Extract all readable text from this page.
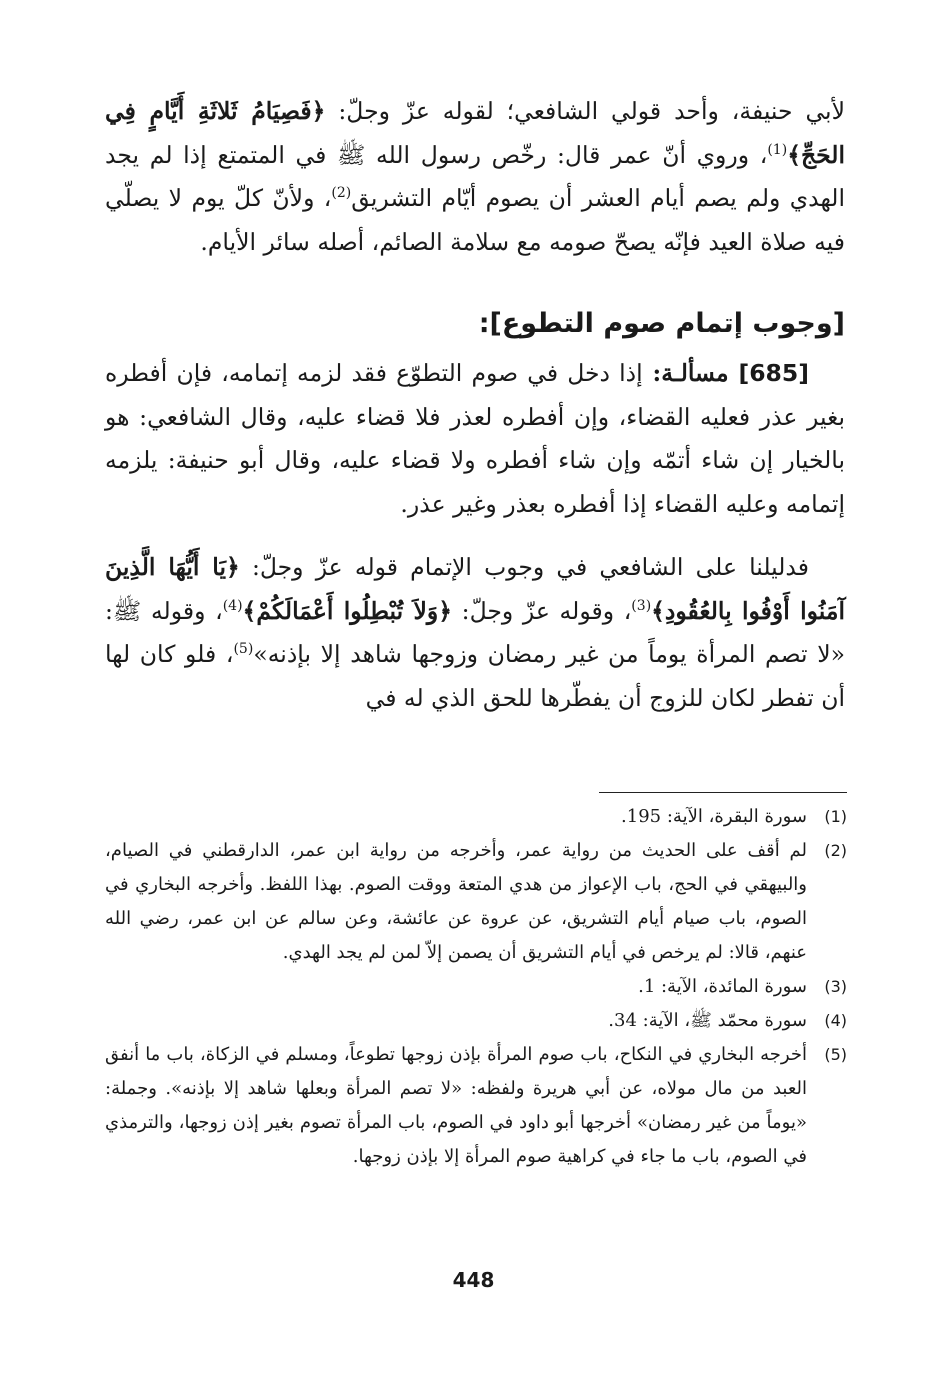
لأبي حنيفة، وأحد قولي الشافعي؛ لقوله عزّ وجلّ: ﴿فَصِيَامُ ثَلاثَةِ أَيَّامٍ فِي الحَجِّ﴾$^{(1)}$، وروي أنّ عمر قال: رخّص رسول الله ﷺ في المتمتع إذا لم يجد الهدي ولم يصم أيام العشر أن يصوم أيّام التشريق$^{(2)}$، ولأنّ كلّ يوم لا يصلّي فيه صلاة العيد فإنّه يصحّ صومه مع سلامة الصائم، أصله سائر الأيام.

[وجوب إتمام صوم التطوع]:

[685] مسألـة: إذا دخل في صوم التطوّع فقد لزمه إتمامه، فإن أفطره بغير عذر فعليه القضاء، وإن أفطره لعذر فلا قضاء عليه، وقال الشافعي: هو بالخيار إن شاء أتمّه وإن شاء أفطره ولا قضاء عليه، وقال أبو حنيفة: يلزمه إتمامه وعليه القضاء إذا أفطره بعذر وغير عذر.

فدليلنا على الشافعي في وجوب الإتمام قوله عزّ وجلّ: ﴿يَا أَيُّهَا الَّذِينَ آمَنُوا أَوْفُوا بِالعُقُودِ﴾$^{(3)}$، وقوله عزّ وجلّ: ﴿وَلاَ تُبْطِلُوا أَعْمَالَكُمْ﴾$^{(4)}$، وقوله ﷺ: «لا تصم المرأة يوماً من غير رمضان وزوجها شاهد إلا بإذنه»$^{(5)}$، فلو كان لها أن تفطر لكان للزوج أن يفطّرها للحق الذي له في

(1)
سورة البقرة، الآية: 195.
(2)
لم أقف على الحديث من رواية عمر، وأخرجه من رواية ابن عمر، الدارقطني في الصيام، والبيهقي في الحج، باب الإعواز من هدي المتعة ووقت الصوم. بهذا اللفظ. وأخرجه البخاري في الصوم، باب صيام أيام التشريق، عن عروة عن عائشة، وعن سالم عن ابن عمر، رضي الله عنهم، قالا: لم يرخص في أيام التشريق أن يصمن إلاّ لمن لم يجد الهدي.
(3)
سورة المائدة، الآية: 1.
(4)
سورة محمّد ﷺ، الآية: 34.
(5)
أخرجه البخاري في النكاح، باب صوم المرأة بإذن زوجها تطوعاً، ومسلم في الزكاة، باب ما أنفق العبد من مال مولاه، عن أبي هريرة ولفظه: «لا تصم المرأة وبعلها شاهد إلا بإذنه». وجملة: «يوماً من غير رمضان» أخرجها أبو داود في الصوم، باب المرأة تصوم بغير إذن زوجها، والترمذي في الصوم، باب ما جاء في كراهية صوم المرأة إلا بإذن زوجها.
448
